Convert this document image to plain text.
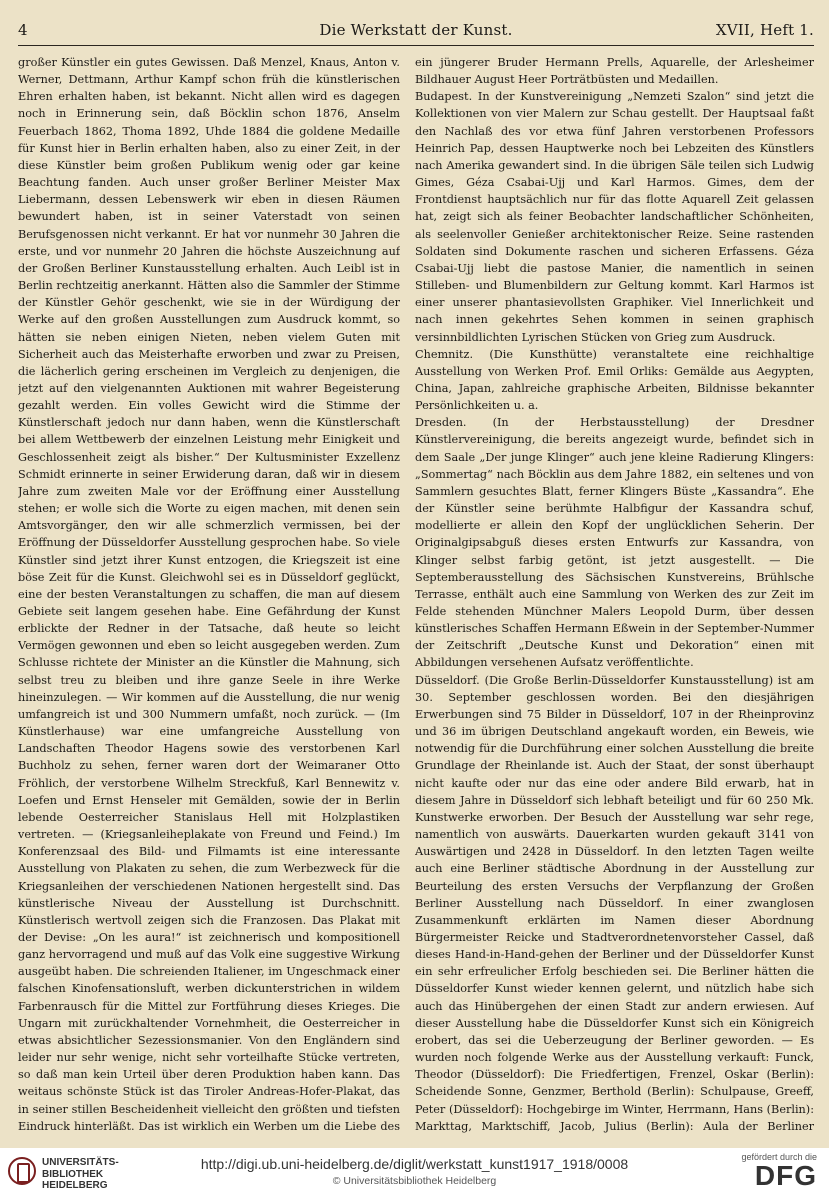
4	Die Werkstatt der Kunst.	XVII, Heft 1.

großer Künstler ein gutes Gewissen. Daß Menzel, Knaus, Anton v. Werner, Dettmann, Arthur Kampf schon früh die künstlerischen Ehren erhalten haben, ist bekannt. Nicht allen wird es dagegen noch in Erinnerung sein, daß Böcklin schon 1876, Anselm Feuerbach 1862, Thoma 1892, Uhde 1884 die goldene Medaille für Kunst hier in Berlin erhalten haben, also zu einer Zeit, in der diese Künstler beim großen Publikum wenig oder gar keine Beachtung fanden. Auch unser großer Berliner Meister Max Liebermann, dessen Lebenswerk wir eben in diesen Räumen bewundert haben, ist in seiner Vaterstadt von seinen Berufsgenossen nicht verkannt. Er hat vor nunmehr 30 Jahren die erste, und vor nunmehr 20 Jahren die höchste Auszeichnung auf der Großen Berliner Kunstausstellung erhalten. Auch Leibl ist in Berlin rechtzeitig anerkannt. Hätten also die Sammler der Stimme der Künstler Gehör geschenkt, wie sie in der Würdigung der Werke auf den großen Ausstellungen zum Ausdruck kommt, so hätten sie neben einigen Nieten, neben vielem Guten mit Sicherheit auch das Meisterhafte erworben und zwar zu Preisen, die lächerlich gering erscheinen im Vergleich zu denjenigen, die jetzt auf den vielgenannten Auktionen mit wahrer Begeisterung gezahlt werden. Ein volles Gewicht wird die Stimme der Künstlerschaft jedoch nur dann haben, wenn die Künstlerschaft bei allem Wettbewerb der einzelnen Leistung mehr Einigkeit und Geschlossenheit zeigt als bisher.“ Der Kultusminister Exzellenz Schmidt erinnerte in seiner Erwiderung daran, daß wir in diesem Jahre zum zweiten Male vor der Eröffnung einer Ausstellung stehen; er wolle sich die Worte zu eigen machen, mit denen sein Amtsvorgänger, den wir alle schmerzlich vermissen, bei der Eröffnung der Düsseldorfer Ausstellung gesprochen habe. So viele Künstler sind jetzt ihrer Kunst entzogen, die Kriegszeit ist eine böse Zeit für die Kunst. Gleichwohl sei es in Düsseldorf geglückt, eine der besten Veranstaltungen zu schaffen, die man auf diesem Gebiete seit langem gesehen habe. Eine Gefährdung der Kunst erblickte der Redner in der Tatsache, daß heute so leicht Vermögen gewonnen und eben so leicht ausgegeben werden. Zum Schlusse richtete der Minister an die Künstler die Mahnung, sich selbst treu zu bleiben und ihre ganze Seele in ihre Werke hineinzulegen. — Wir kommen auf die Ausstellung, die nur wenig umfangreich ist und 300 Nummern umfaßt, noch zurück. — (Im Künstlerhause) war eine umfangreiche Ausstellung von Landschaften Theodor Hagens sowie des verstorbenen Karl Buchholz zu sehen, ferner waren dort der Weimaraner Otto Fröhlich, der verstorbene Wilhelm Streckfuß, Karl Bennewitz v. Loefen und Ernst Henseler mit Gemälden, sowie der in Berlin lebende Oesterreicher Stanislaus Hell mit Holzplastiken vertreten. — (Kriegsanleiheplakate von Freund und Feind.) Im Konferenzsaal des Bild- und Filmamts ist eine interessante Ausstellung von Plakaten zu sehen, die zum Werbezweck für die Kriegsanleihen der verschiedenen Nationen hergestellt sind. Das künstlerische Niveau der Ausstellung ist Durchschnitt. Künstlerisch wertvoll zeigen sich die Franzosen. Das Plakat mit der Devise: „On les aura!“ ist zeichnerisch und kompositionell ganz hervorragend und muß auf das Volk eine suggestive Wirkung ausgeübt haben. Die schreienden Italiener, im Ungeschmack einer falschen Kinofensationsluft, werben dickunterstrichen in wildem Farbenrausch für die Mittel zur Fortführung dieses Krieges. Die Ungarn mit zurückhaltender Vornehmheit, die Oesterreicher in etwas absichtlicher Sezessionsmanier. Von den Engländern sind leider nur sehr wenige, nicht sehr vorteilhafte Stücke vertreten, so daß man kein Urteil über deren Produktion haben kann. Das weitaus schönste Stück ist das Tiroler Andreas-Hofer-Plakat, das in seiner stillen Bescheidenheit vielleicht den größten und tiefsten Eindruck hinterläßt. Das ist wirklich ein Werben um die Liebe des

ein jüngerer Bruder Hermann Prells, Aquarelle, der Arlesheimer Bildhauer August Heer Porträtbüsten und Medaillen.

Budapest. In der Kunstvereinigung „Nemzeti Szalon“ sind jetzt die Kollektionen von vier Malern zur Schau gestellt. Der Hauptsaal faßt den Nachlaß des vor etwa fünf Jahren verstorbenen Professors Heinrich Pap, dessen Hauptwerke noch bei Lebzeiten des Künstlers nach Amerika gewandert sind. In die übrigen Säle teilen sich Ludwig Gimes, Géza Csabai-Ujj und Karl Harmos. Gimes, dem der Frontdienst hauptsächlich nur für das flotte Aquarell Zeit gelassen hat, zeigt sich als feiner Beobachter landschaftlicher Schönheiten, als seelenvoller Genießer architektonischer Reize. Seine rastenden Soldaten sind Dokumente raschen und sicheren Erfassens. Géza Csabai-Ujj liebt die pastose Manier, die namentlich in seinen Stilleben- und Blumenbildern zur Geltung kommt. Karl Harmos ist einer unserer phantasievollsten Graphiker. Viel Innerlichkeit und nach innen gekehrtes Sehen kommen in seinen graphisch versinnbildlichten Lyrischen Stücken von Grieg zum Ausdruck.

Chemnitz. (Die Kunsthütte) veranstaltete eine reichhaltige Ausstellung von Werken Prof. Emil Orliks: Gemälde aus Aegypten, China, Japan, zahlreiche graphische Arbeiten, Bildnisse bekannter Persönlichkeiten u. a.

Dresden. (In der Herbstausstellung) der Dresdner Künstlervereinigung, die bereits angezeigt wurde, befindet sich in dem Saale „Der junge Klinger“ auch jene kleine Radierung Klingers: „Sommertag“ nach Böcklin aus dem Jahre 1882, ein seltenes und von Sammlern gesuchtes Blatt, ferner Klingers Büste „Kassandra“. Ehe der Künstler seine berühmte Halbfigur der Kassandra schuf, modellierte er allein den Kopf der unglücklichen Seherin. Der Originalgipsabguß dieses ersten Entwurfs zur Kassandra, von Klinger selbst farbig getönt, ist jetzt ausgestellt. — Die Septemberausstellung des Sächsischen Kunstvereins, Brühlsche Terrasse, enthält auch eine Sammlung von Werken des zur Zeit im Felde stehenden Münchner Malers Leopold Durm, über dessen künstlerisches Schaffen Hermann Eßwein in der September-Nummer der Zeitschrift „Deutsche Kunst und Dekoration“ einen mit Abbildungen versehenen Aufsatz veröffentlichte.

Düsseldorf. (Die Große Berlin-Düsseldorfer Kunstausstellung) ist am 30. September geschlossen worden. Bei den diesjährigen Erwerbungen sind 75 Bilder in Düsseldorf, 107 in der Rheinprovinz und 36 im übrigen Deutschland angekauft worden, ein Beweis, wie notwendig für die Durchführung einer solchen Ausstellung die breite Grundlage der Rheinlande ist. Auch der Staat, der sonst überhaupt nicht kaufte oder nur das eine oder andere Bild erwarb, hat in diesem Jahre in Düsseldorf sich lebhaft beteiligt und für 60 250 Mk. Kunstwerke erworben. Der Besuch der Ausstellung war sehr rege, namentlich von auswärts. Dauerkarten wurden gekauft 3141 von Auswärtigen und 2428 in Düsseldorf. In den letzten Tagen weilte auch eine Berliner städtische Abordnung in der Ausstellung zur Beurteilung des ersten Versuchs der Verpflanzung der Großen Berliner Ausstellung nach Düsseldorf. In einer zwanglosen Zusammenkunft erklärten im Namen dieser Abordnung Bürgermeister Reicke und Stadtverordnetenvorsteher Cassel, daß dieses Hand-in-Hand-gehen der Berliner und der Düsseldorfer Kunst ein sehr erfreulicher Erfolg beschieden sei. Die Berliner hätten die Düsseldorfer Kunst wieder kennen gelernt, und nützlich habe sich auch das Hinübergehen der einen Stadt zur andern erwiesen. Auf dieser Ausstellung habe die Düsseldorfer Kunst sich ein Königreich erobert, das sei die Ueberzeugung der Berliner geworden. — Es wurden noch folgende Werke aus der Ausstellung verkauft: Funck, Theodor (Düsseldorf): Die Friedfertigen, Frenzel, Oskar (Berlin): Scheidende Sonne, Genzmer, Berthold (Berlin): Schulpause, Greeff, Peter (Düsseldorf): Hochgebirge im Winter, Herrmann, Hans (Berlin): Markttag, Marktschiff, Jacob, Julius (Berlin): Aula der Berliner

UNIVERSITÄTS-
BIBLIOTHEK
HEIDELBERG
http://digi.ub.uni-heidelberg.de/diglit/werkstatt_kunst1917_1918/0008
© Universitätsbibliothek Heidelberg
gefördert durch die
DFG
